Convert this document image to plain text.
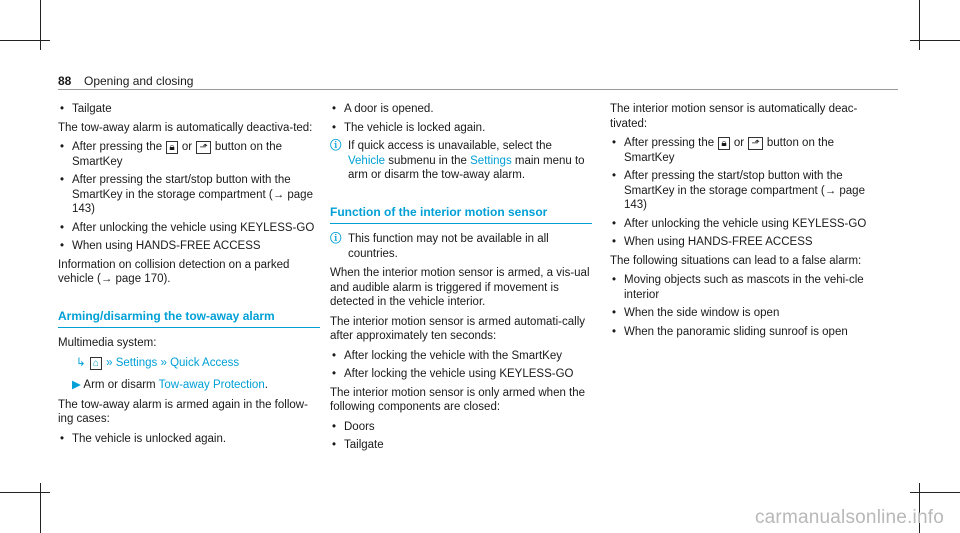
88 Opening and closing
• Tailgate
The tow-away alarm is automatically deactiva-ted:
• After pressing the 🔒︎ or ⬏ button on the SmartKey
• After pressing the start/stop button with the SmartKey in the storage compartment (→ page 143)
• After unlocking the vehicle using KEYLESS-GO
• When using HANDS-FREE ACCESS
Information on collision detection on a parked vehicle (→ page 170).
Arming/disarming the tow-away alarm
Multimedia system:
↳ ⌂ » Settings » Quick Access
▶ Arm or disarm Tow-away Protection.
The tow-away alarm is armed again in the follow-ing cases:
• The vehicle is unlocked again.
• A door is opened.
• The vehicle is locked again.
ⓘ If quick access is unavailable, select the Vehicle submenu in the Settings main menu to arm or disarm the tow-away alarm.
Function of the interior motion sensor
ⓘ This function may not be available in all countries.
When the interior motion sensor is armed, a vis-ual and audible alarm is triggered if movement is detected in the vehicle interior.
The interior motion sensor is armed automati-cally after approximately ten seconds:
• After locking the vehicle with the SmartKey
• After locking the vehicle using KEYLESS-GO
The interior motion sensor is only armed when the following components are closed:
• Doors
• Tailgate
The interior motion sensor is automatically deac-tivated:
• After pressing the 🔒︎ or ⬏ button on the SmartKey
• After pressing the start/stop button with the SmartKey in the storage compartment (→ page 143)
• After unlocking the vehicle using KEYLESS-GO
• When using HANDS-FREE ACCESS
The following situations can lead to a false alarm:
• Moving objects such as mascots in the vehi-cle interior
• When the side window is open
• When the panoramic sliding sunroof is open
carmanualsonline.info
